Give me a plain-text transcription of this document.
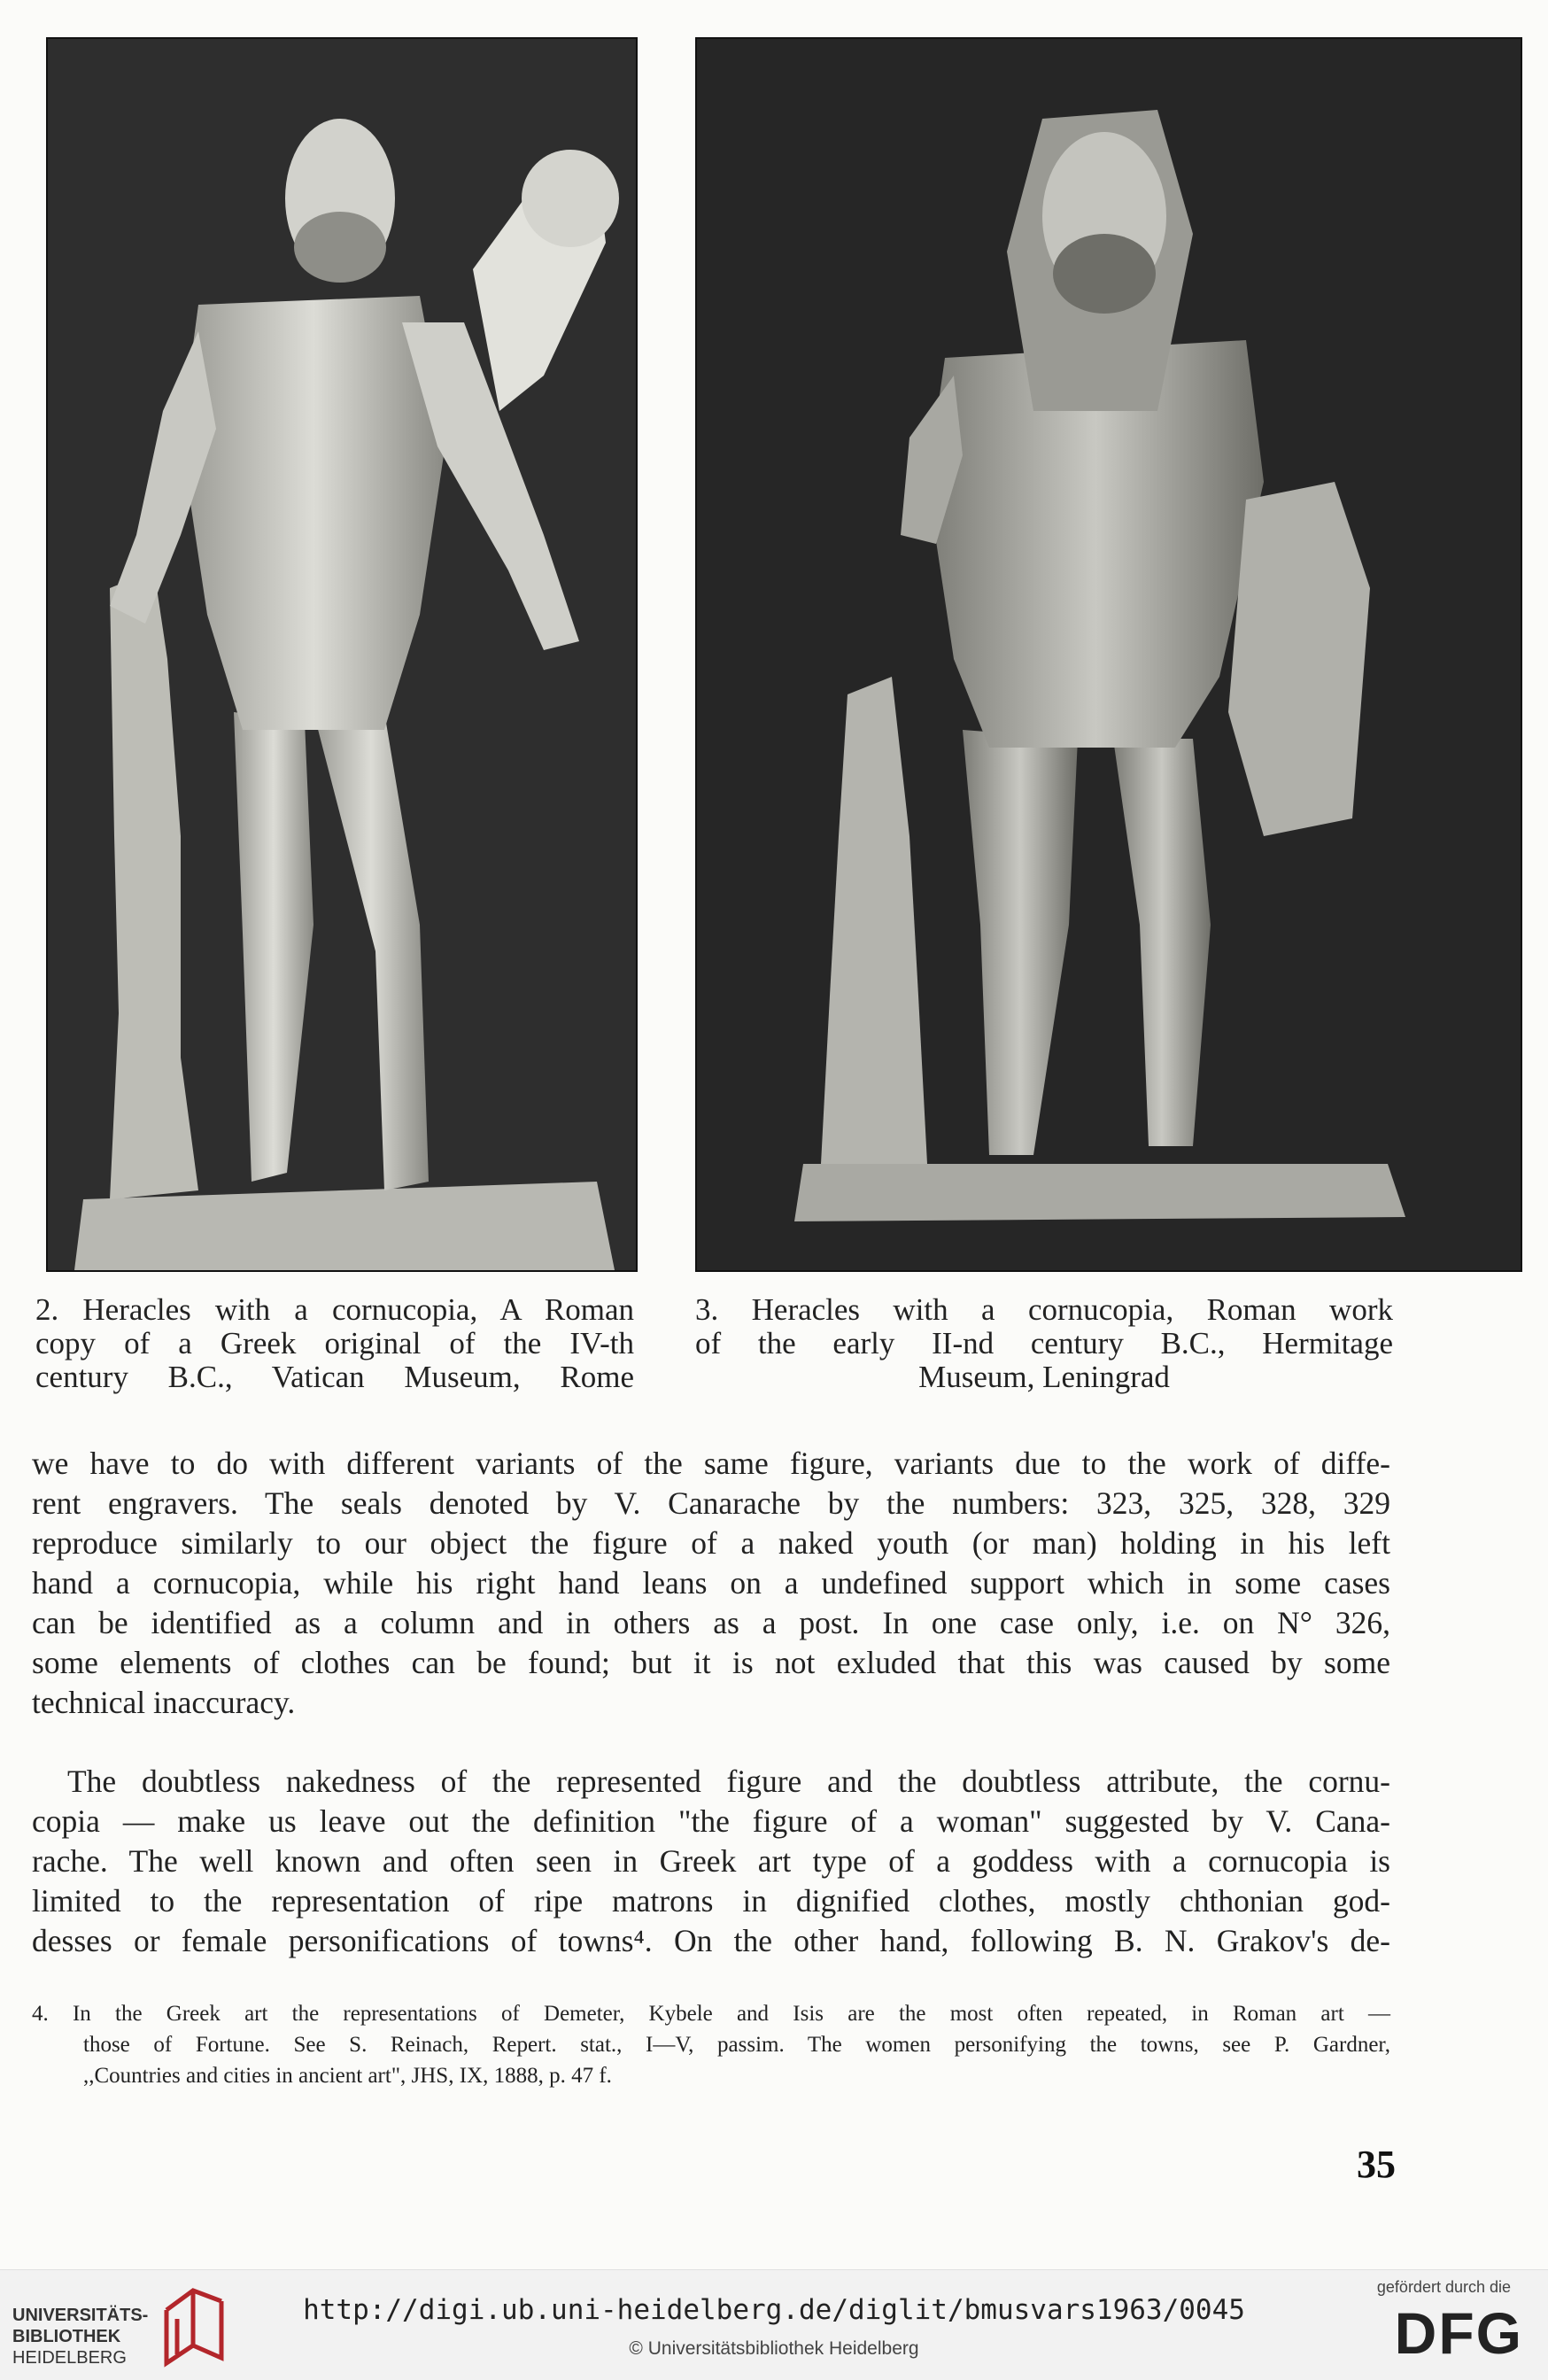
2. Heracles with a cornucopia, A Roman
copy of a Greek original of the IV-th
century B.C., Vatican Museum, Rome
3. Heracles with a cornucopia, Roman work
of the early II-nd century B.C., Hermitage
Museum, Leningrad
we have to do with different variants of the same figure, variants due to the work of diffe-
rent engravers. The seals denoted by V. Canarache by the numbers: 323, 325, 328, 329
reproduce similarly to our object the figure of a naked youth (or man) holding in his left
hand a cornucopia, while his right hand leans on a undefined support which in some cases
can be identified as a column and in others as a post. In one case only, i.e. on N° 326,
some elements of clothes can be found; but it is not exluded that this was caused by some
technical inaccuracy.
The doubtless nakedness of the represented figure and the doubtless attribute, the cornu-
copia — make us leave out the definition "the figure of a woman" suggested by V. Cana-
rache. The well known and often seen in Greek art type of a goddess with a cornucopia is
limited to the representation of ripe matrons in dignified clothes, mostly chthonian god-
desses or female personifications of towns⁴. On the other hand, following B. N. Grakov's de-
4. In the Greek art the representations of Demeter, Kybele and Isis are the most often repeated, in Roman art —
those of Fortune. See S. Reinach, Repert. stat., I—V, passim. The women personifying the towns, see P. Gardner,
,,Countries and cities in ancient art", JHS, IX, 1888, p. 47 f.
35
UNIVERSITÄTS-
BIBLIOTHEK
HEIDELBERG
http://digi.ub.uni-heidelberg.de/diglit/bmusvars1963/0045
© Universitätsbibliothek Heidelberg
gefördert durch die
DFG
